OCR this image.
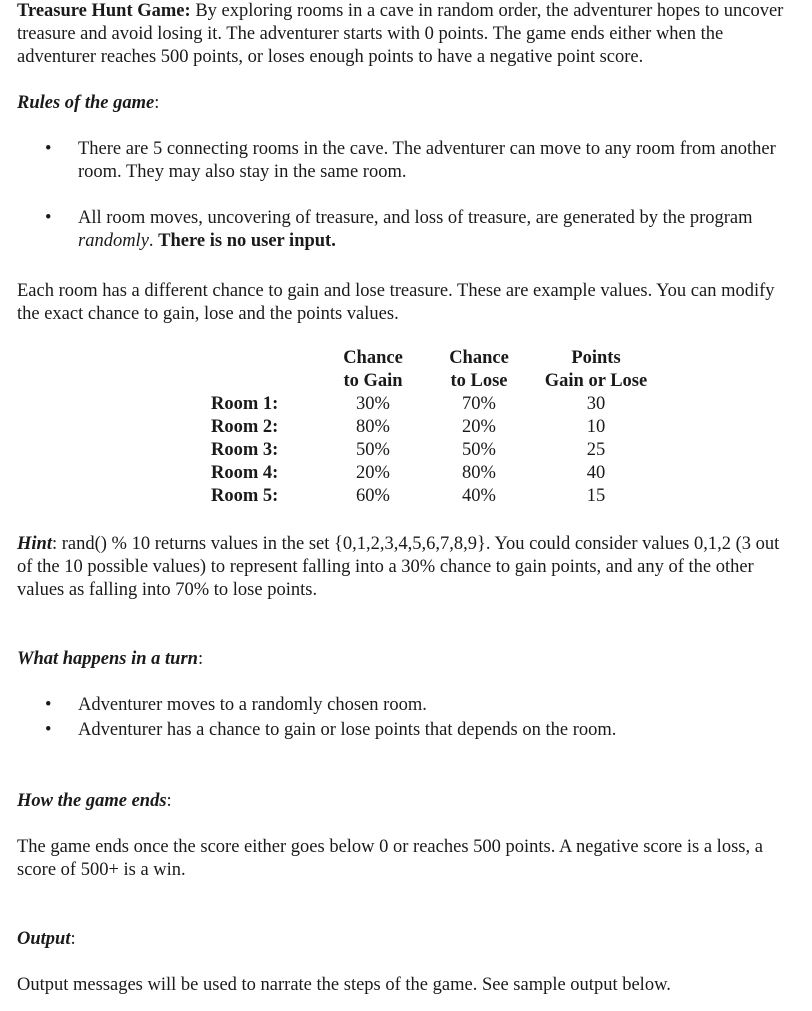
Treasure Hunt Game: By exploring rooms in a cave in random order, the adventurer hopes to uncover treasure and avoid losing it. The adventurer starts with 0 points. The game ends either when the adventurer reaches 500 points, or loses enough points to have a negative point score.

Rules of the game:

• There are 5 connecting rooms in the cave. The adventurer can move to any room from another room. They may also stay in the same room.
• All room moves, uncovering of treasure, and loss of treasure, are generated by the program randomly. There is no user input.

Each room has a different chance to gain and lose treasure. These are example values. You can modify the exact chance to gain, lose and the points values.

	Chance
to Gain	Chance
to Lose	Points
Gain or Lose
Room 1:	30%	70%	30
Room 2:	80%	20%	10
Room 3:	50%	50%	25
Room 4:	20%	80%	40
Room 5:	60%	40%	15

Hint: rand() % 10 returns values in the set {0,1,2,3,4,5,6,7,8,9}. You could consider values 0,1,2 (3 out of the 10 possible values) to represent falling into a 30% chance to gain points, and any of the other values as falling into 70% to lose points.

What happens in a turn:

• Adventurer moves to a randomly chosen room.
• Adventurer has a chance to gain or lose points that depends on the room.

How the game ends:

The game ends once the score either goes below 0 or reaches 500 points. A negative score is a loss, a score of 500+ is a win.

Output:

Output messages will be used to narrate the steps of the game. See sample output below.
